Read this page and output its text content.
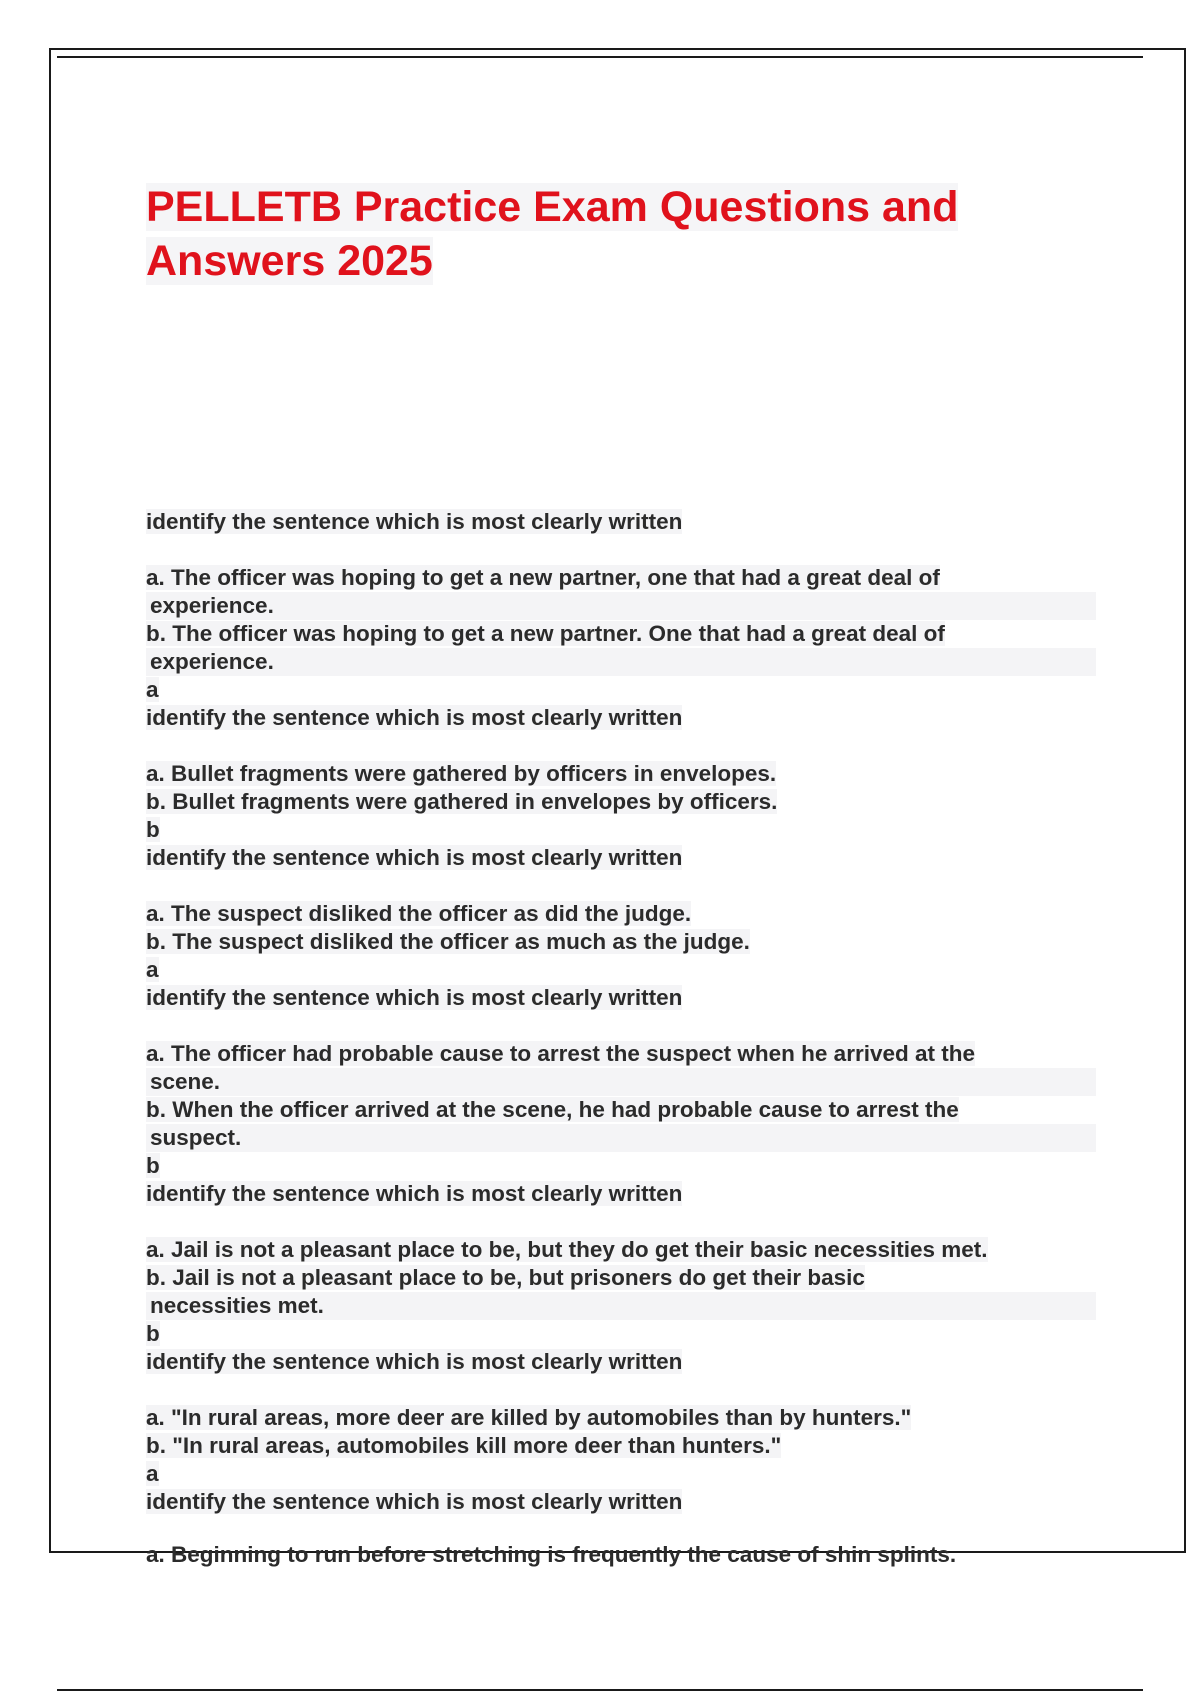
PELLETB Practice Exam Questions and
Answers 2025

identify the sentence which is most clearly written

a. The officer was hoping to get a new partner, one that had a great deal of
experience.

b. The officer was hoping to get a new partner. One that had a great deal of
experience.

a

identify the sentence which is most clearly written

a. Bullet fragments were gathered by officers in envelopes.

b. Bullet fragments were gathered in envelopes by officers.

b

identify the sentence which is most clearly written

a. The suspect disliked the officer as did the judge.

b. The suspect disliked the officer as much as the judge.

a

identify the sentence which is most clearly written

a. The officer had probable cause to arrest the suspect when he arrived at the
scene.

b. When the officer arrived at the scene, he had probable cause to arrest the
suspect.

b

identify the sentence which is most clearly written

a. Jail is not a pleasant place to be, but they do get their basic necessities met.

b. Jail is not a pleasant place to be, but prisoners do get their basic
necessities met.

b

identify the sentence which is most clearly written

a. "In rural areas, more deer are killed by automobiles than by hunters."

b. "In rural areas, automobiles kill more deer than hunters."

a

identify the sentence which is most clearly written

a. Beginning to run before stretching is frequently the cause of shin splints.
